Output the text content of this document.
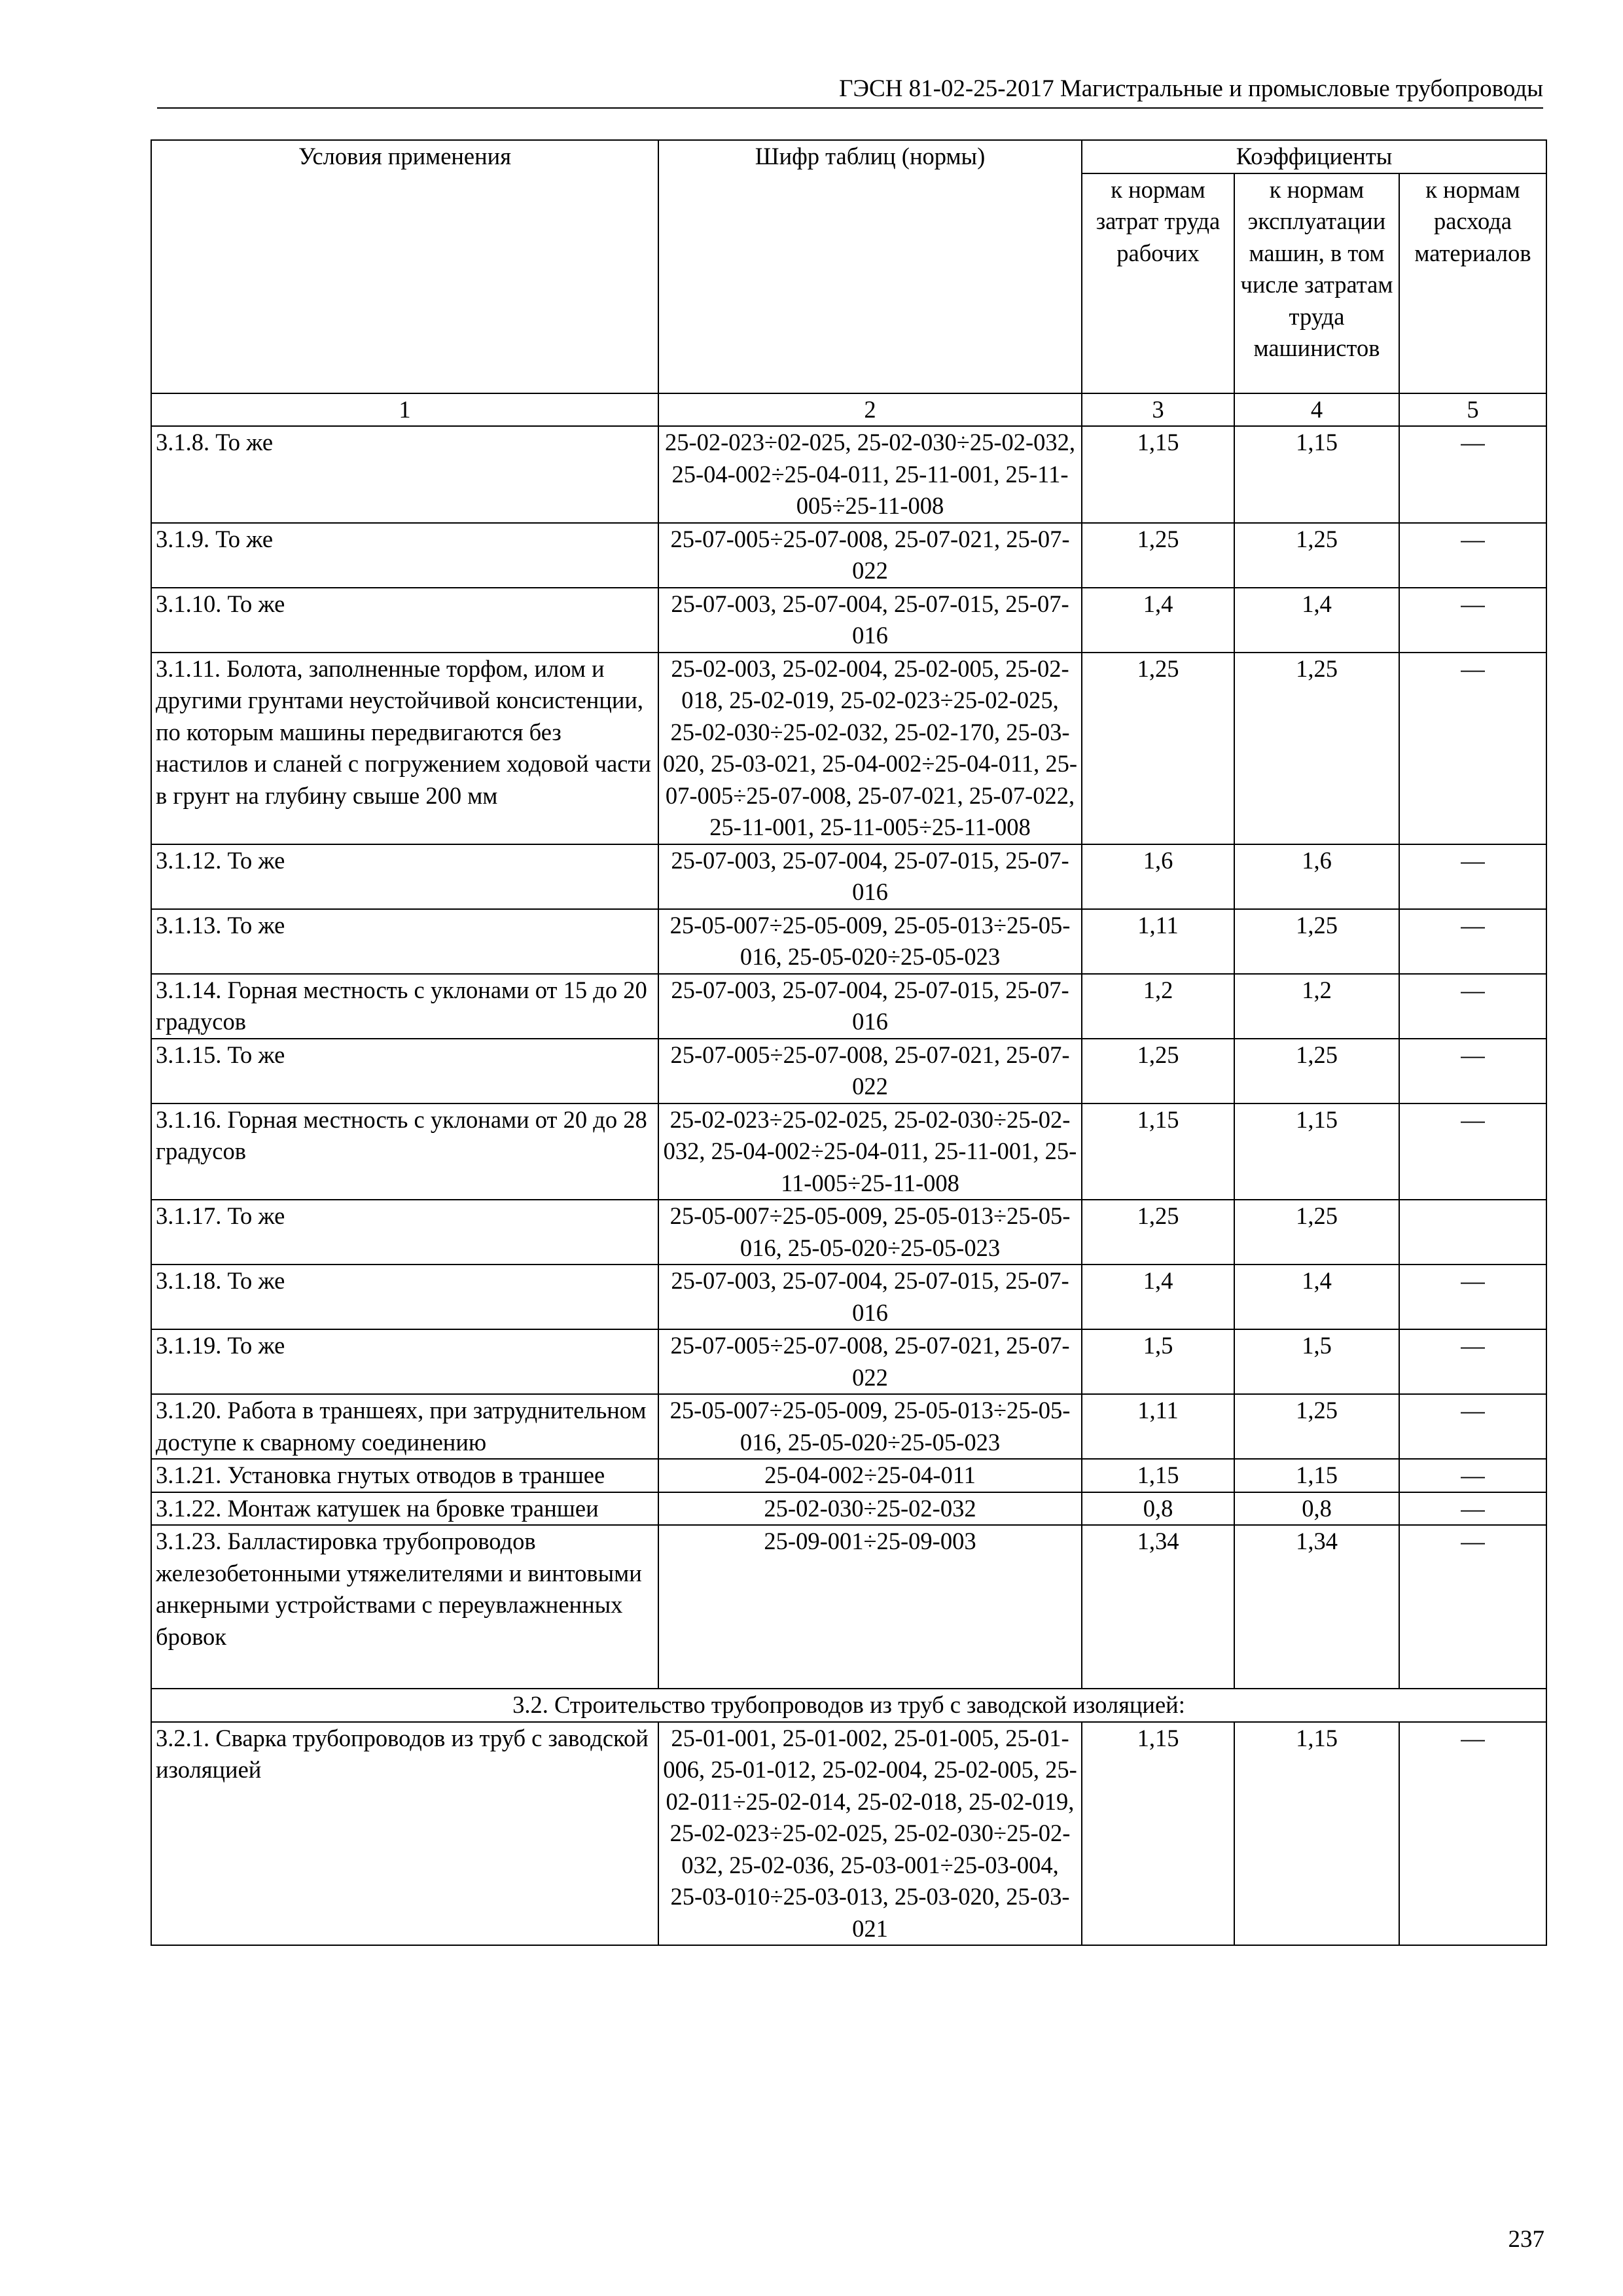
ГЭСН 81-02-25-2017 Магистральные и промысловые трубопроводы
Условия применения	Шифр таблиц (нормы)	Коэффициенты		
		к нормам затрат труда рабочих	к нормам эксплуатации машин, в том числе затратам труда машинистов	к нормам расхода материалов
1	2	3	4	5
3.1.8. То же	25-02-023÷02-025, 25-02-030÷25-02-032, 25-04-002÷25-04-011, 25-11-001, 25-11-005÷25-11-008	1,15	1,15	—
3.1.9. То же	25-07-005÷25-07-008, 25-07-021, 25-07-022	1,25	1,25	—
3.1.10. То же	25-07-003, 25-07-004, 25-07-015, 25-07-016	1,4	1,4	—
3.1.11. Болота, заполненные торфом, илом и другими грунтами неустойчивой консистенции, по которым машины передвигаются без настилов и сланей с погружением ходовой части в грунт на глубину свыше 200 мм	25-02-003, 25-02-004, 25-02-005, 25-02-018, 25-02-019, 25-02-023÷25-02-025, 25-02-030÷25-02-032, 25-02-170, 25-03-020, 25-03-021, 25-04-002÷25-04-011, 25-07-005÷25-07-008, 25-07-021, 25-07-022, 25-11-001, 25-11-005÷25-11-008	1,25	1,25	—
3.1.12. То же	25-07-003, 25-07-004, 25-07-015, 25-07-016	1,6	1,6	—
3.1.13. То же	25-05-007÷25-05-009, 25-05-013÷25-05-016, 25-05-020÷25-05-023	1,11	1,25	—
3.1.14. Горная местность с уклонами от 15 до 20 градусов	25-07-003, 25-07-004, 25-07-015, 25-07-016	1,2	1,2	—
3.1.15. То же	25-07-005÷25-07-008, 25-07-021, 25-07-022	1,25	1,25	—
3.1.16. Горная местность с уклонами от 20 до 28 градусов	25-02-023÷25-02-025, 25-02-030÷25-02-032, 25-04-002÷25-04-011, 25-11-001, 25-11-005÷25-11-008	1,15	1,15	—
3.1.17. То же	25-05-007÷25-05-009, 25-05-013÷25-05-016, 25-05-020÷25-05-023	1,25	1,25	
3.1.18. То же	25-07-003, 25-07-004, 25-07-015, 25-07-016	1,4	1,4	—
3.1.19. То же	25-07-005÷25-07-008, 25-07-021, 25-07-022	1,5	1,5	—
3.1.20. Работа в траншеях, при затруднительном доступе к сварному соединению	25-05-007÷25-05-009, 25-05-013÷25-05-016, 25-05-020÷25-05-023	1,11	1,25	—
3.1.21. Установка гнутых отводов в траншее	25-04-002÷25-04-011	1,15	1,15	—
3.1.22. Монтаж катушек на бровке траншеи	25-02-030÷25-02-032	0,8	0,8	—
3.1.23. Балластировка трубопроводов железобетонными утяжелителями и винтовыми анкерными устройствами с переувлажненных бровок	25-09-001÷25-09-003	1,34	1,34	—
3.2. Строительство трубопроводов из труб с заводской изоляцией:				
3.2.1. Сварка трубопроводов из труб с заводской изоляцией	25-01-001, 25-01-002, 25-01-005, 25-01-006, 25-01-012, 25-02-004, 25-02-005, 25-02-011÷25-02-014, 25-02-018, 25-02-019, 25-02-023÷25-02-025, 25-02-030÷25-02-032, 25-02-036, 25-03-001÷25-03-004, 25-03-010÷25-03-013, 25-03-020, 25-03-021	1,15	1,15	—
237
